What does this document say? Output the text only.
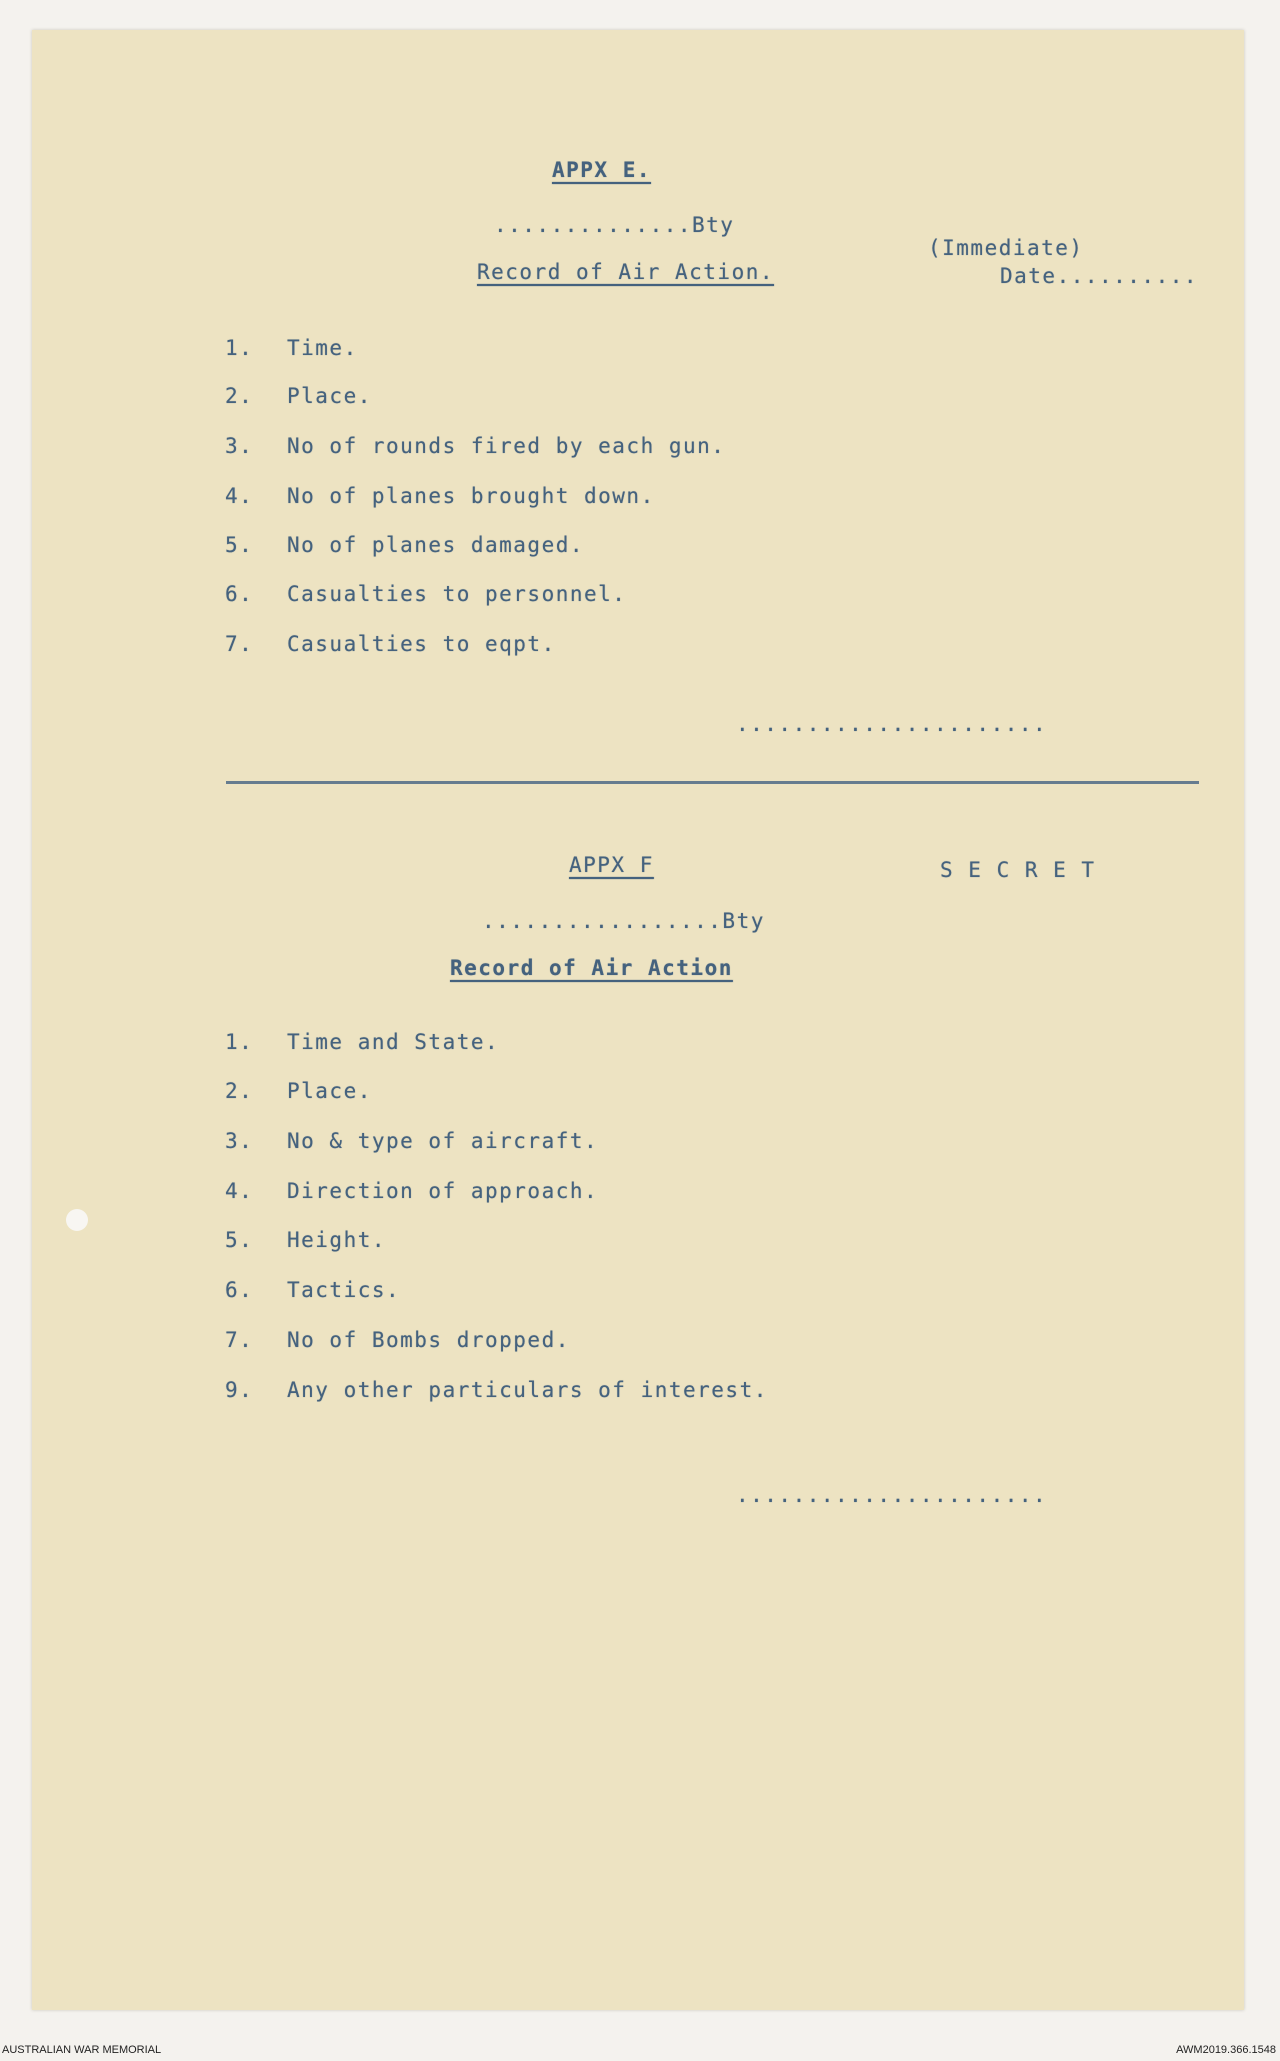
APPX E.
..............Bty
(Immediate)
Date..........
Record of Air Action.
1. Time.
2. Place.
3. No of rounds fired by each gun.
4. No of planes brought down.
5. No of planes damaged.
6. Casualties to personnel.
7. Casualties to eqpt.
......................
APPX F	S E C R E T
.................Bty
Record of Air Action
1. Time and State.
2. Place.
3. No & type of aircraft.
4. Direction of approach.
5. Height.
6. Tactics.
7. No of Bombs dropped.
9. Any other particulars of interest.
......................
AUSTRALIAN WAR MEMORIAL	AWM2019.366.1548
